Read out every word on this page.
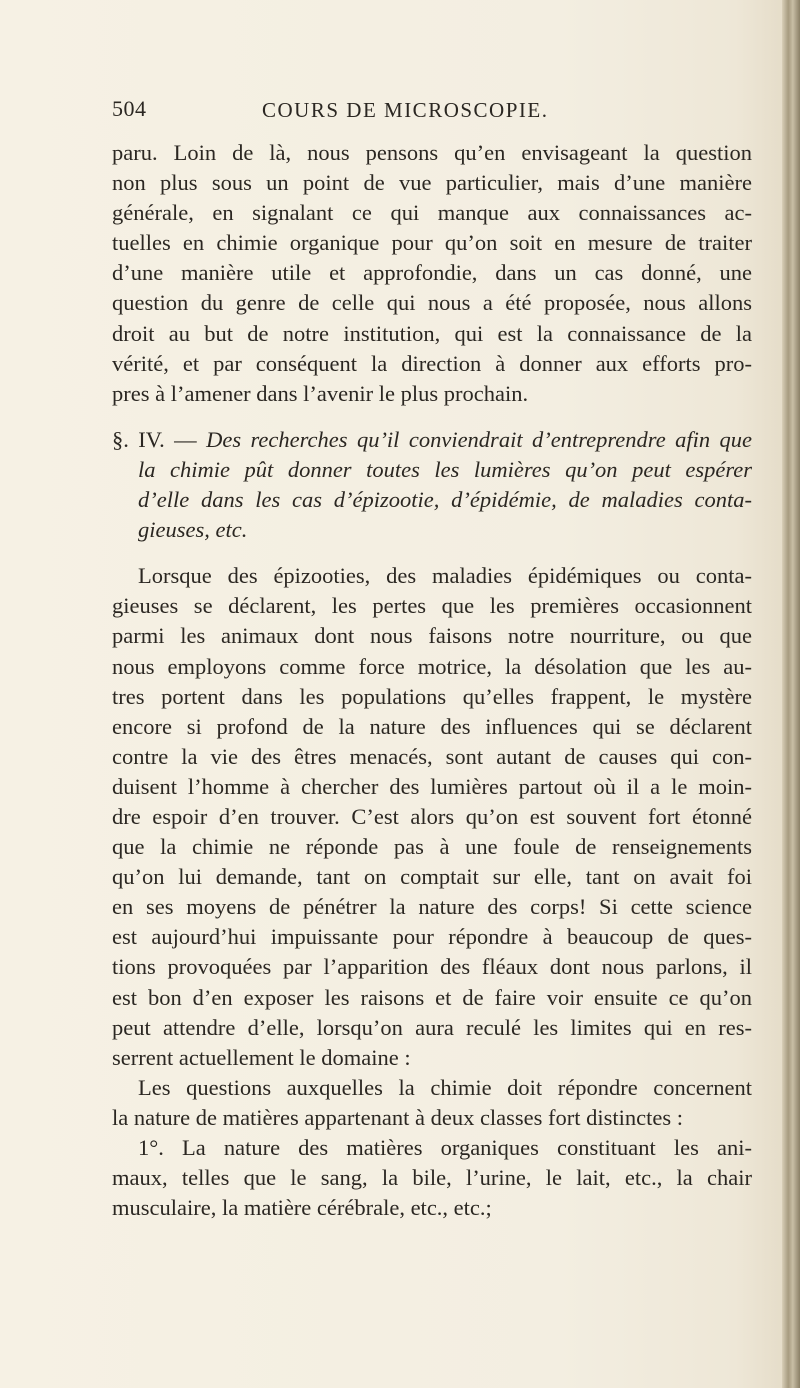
504	COURS DE MICROSCOPIE.
paru. Loin de là, nous pensons qu’en envisageant la question
non plus sous un point de vue particulier, mais d’une manière
générale, en signalant ce qui manque aux connaissances ac-
tuelles en chimie organique pour qu’on soit en mesure de traiter
d’une manière utile et approfondie, dans un cas donné, une
question du genre de celle qui nous a été proposée, nous allons
droit au but de notre institution, qui est la connaissance de la
vérité, et par conséquent la direction à donner aux efforts pro-
pres à l’amener dans l’avenir le plus prochain.
§. IV. — Des recherches qu’il conviendrait d’entreprendre afin que
la chimie pût donner toutes les lumières qu’on peut espérer
d’elle dans les cas d’épizootie, d’épidémie, de maladies conta-
gieuses, etc.
Lorsque des épizooties, des maladies épidémiques ou conta-
gieuses se déclarent, les pertes que les premières occasionnent
parmi les animaux dont nous faisons notre nourriture, ou que
nous employons comme force motrice, la désolation que les au-
tres portent dans les populations qu’elles frappent, le mystère
encore si profond de la nature des influences qui se déclarent
contre la vie des êtres menacés, sont autant de causes qui con-
duisent l’homme à chercher des lumières partout où il a le moin-
dre espoir d’en trouver. C’est alors qu’on est souvent fort étonné
que la chimie ne réponde pas à une foule de renseignements
qu’on lui demande, tant on comptait sur elle, tant on avait foi
en ses moyens de pénétrer la nature des corps! Si cette science
est aujourd’hui impuissante pour répondre à beaucoup de ques-
tions provoquées par l’apparition des fléaux dont nous parlons, il
est bon d’en exposer les raisons et de faire voir ensuite ce qu’on
peut attendre d’elle, lorsqu’on aura reculé les limites qui en res-
serrent actuellement le domaine :
Les questions auxquelles la chimie doit répondre concernent
la nature de matières appartenant à deux classes fort distinctes :
1°. La nature des matières organiques constituant les ani-
maux, telles que le sang, la bile, l’urine, le lait, etc., la chair
musculaire, la matière cérébrale, etc., etc.;
